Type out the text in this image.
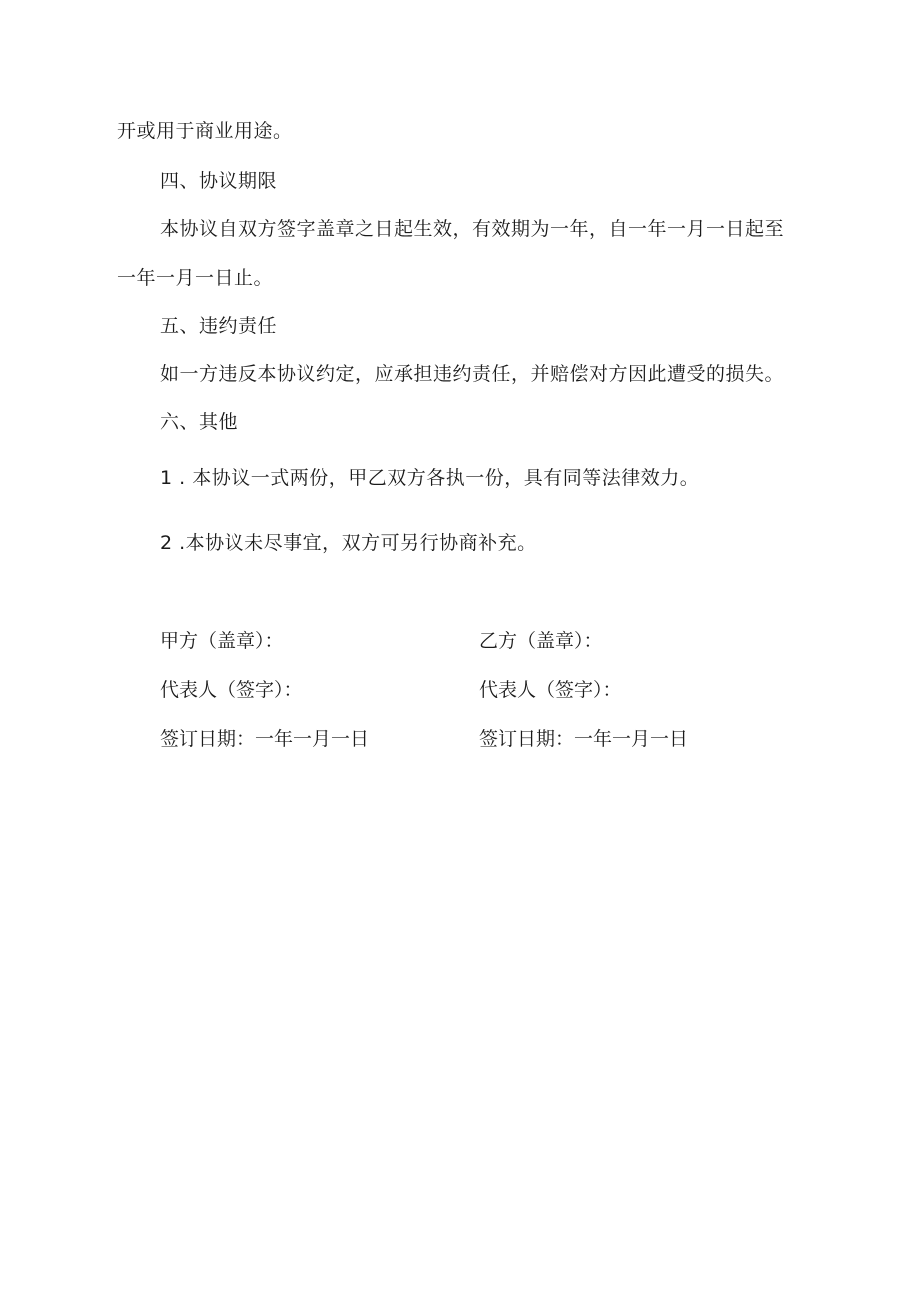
开或用于商业用途。
四、协议期限
本协议自双方签字盖章之日起生效，有效期为一年，自一年一月一日起至
一年一月一日止。
五、违约责任
如一方违反本协议约定，应承担违约责任，并赔偿对方因此遭受的损失。
六、其他
1 . 本协议一式两份，甲乙双方各执一份，具有同等法律效力。
2 .本协议未尽事宜，双方可另行协商补充。
甲方（盖章）：	乙方（盖章）：
代表人（签字）：	代表人（签字）：
签订日期：一年一月一日	签订日期：一年一月一日
